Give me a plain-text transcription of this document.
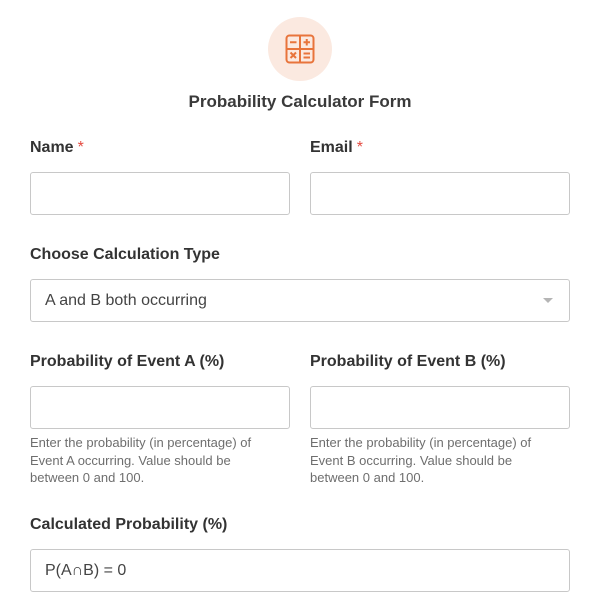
Probability Calculator Form
Name *	Email *
Choose Calculation Type
A and B both occurring
Probability of Event A (%)
Enter the probability (in percentage) of Event A occurring. Value should be between 0 and 100.
Probability of Event B (%)
Enter the probability (in percentage) of Event B occurring. Value should be between 0 and 100.
Calculated Probability (%)
P(A∩B) = 0
